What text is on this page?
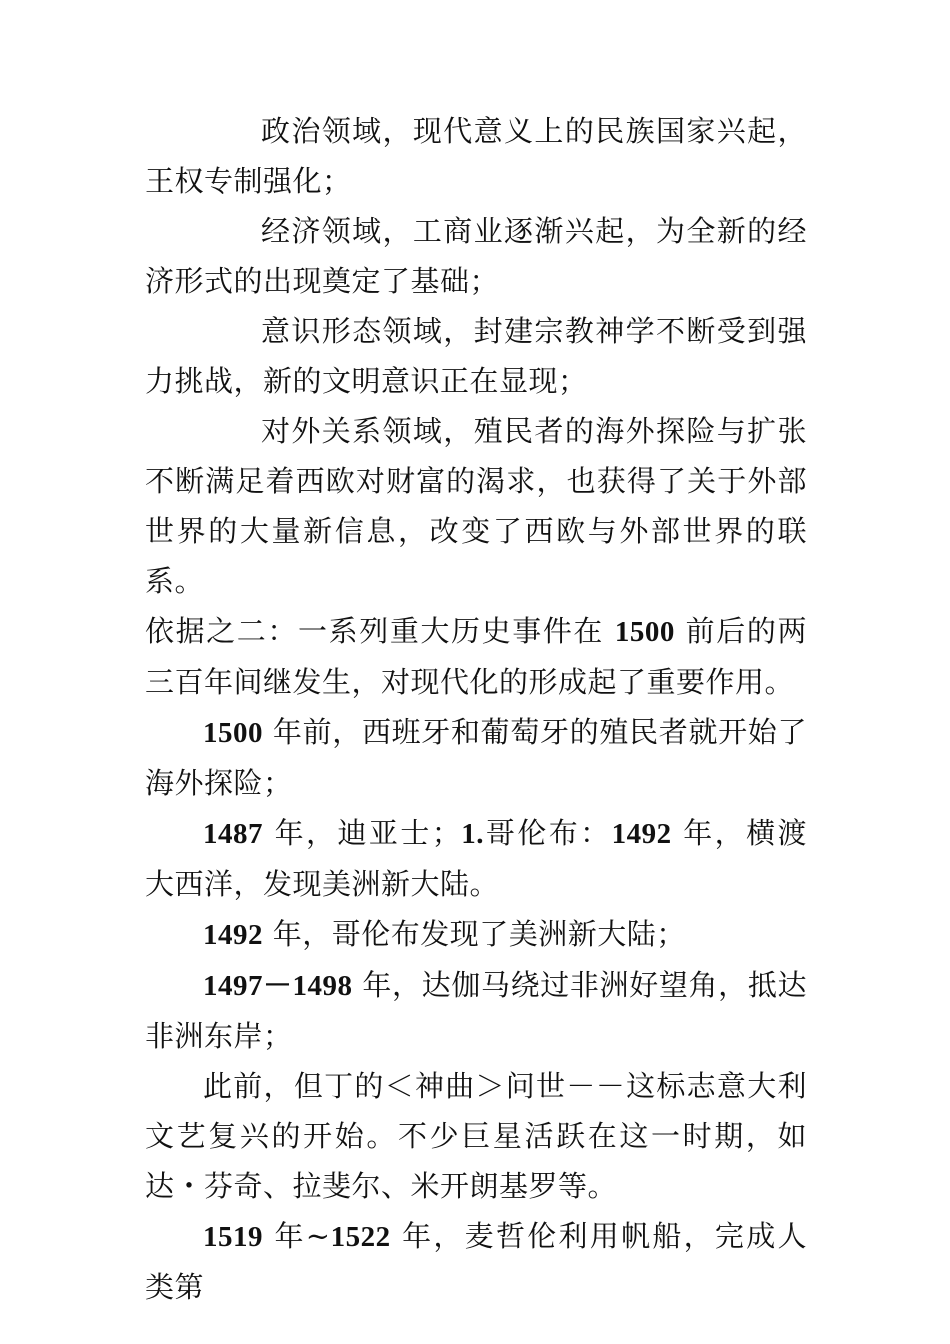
政治领域，现代意义上的民族国家兴起，王权专制强化；

经济领域，工商业逐渐兴起，为全新的经济形式的出现奠定了基础；

意识形态领域，封建宗教神学不断受到强力挑战，新的文明意识正在显现；

对外关系领域，殖民者的海外探险与扩张不断满足着西欧对财富的渴求，也获得了关于外部世界的大量新信息，改变了西欧与外部世界的联系。

依据之二：一系列重大历史事件在 1500 前后的两三百年间继发生，对现代化的形成起了重要作用。

1500 年前，西班牙和葡萄牙的殖民者就开始了海外探险；

1487 年，迪亚士；1.哥伦布：1492 年，横渡大西洋，发现美洲新大陆。

1492 年，哥伦布发现了美洲新大陆；

1497－1498 年，达伽马绕过非洲好望角，抵达非洲东岸；

此前，但丁的＜神曲＞问世－－这标志意大利文艺复兴的开始。不少巨星活跃在这一时期，如达・芬奇、拉斐尔、米开朗基罗等。

1519 年~1522 年，麦哲伦利用帆船，完成人类第
